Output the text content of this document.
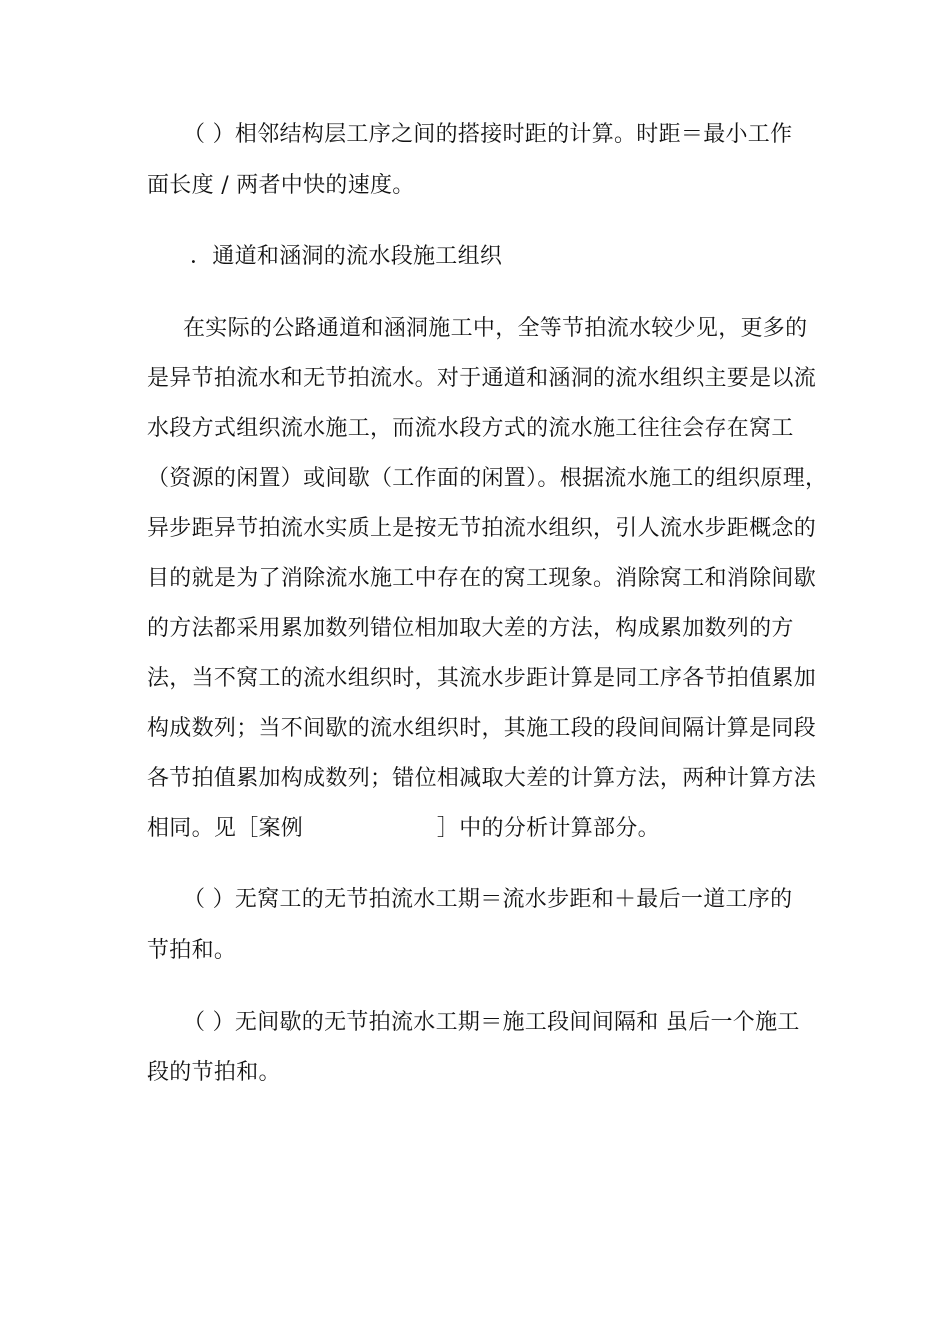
（ ）相邻结构层工序之间的搭接时距的计算。时距＝最小工作
面长度 / 两者中快的速度。
．通道和涵洞的流水段施工组织
在实际的公路通道和涵洞施工中，全等节拍流水较少见，更多的
是异节拍流水和无节拍流水。对于通道和涵洞的流水组织主要是以流
水段方式组织流水施工，而流水段方式的流水施工往往会存在窝工
（资源的闲置）或间歇（工作面的闲置）。根据流水施工的组织原理，
异步距异节拍流水实质上是按无节拍流水组织，引人流水步距概念的
目的就是为了消除流水施工中存在的窝工现象。消除窝工和消除间歇
的方法都采用累加数列错位相加取大差的方法，构成累加数列的方
法，当不窝工的流水组织时，其流水步距计算是同工序各节拍值累加
构成数列；当不间歇的流水组织时，其施工段的段间间隔计算是同段
各节拍值累加构成数列；错位相减取大差的计算方法，两种计算方法
相同。见［案例　　　　　　］中的分析计算部分。
（ ）无窝工的无节拍流水工期＝流水步距和＋最后一道工序的
节拍和。
（ ）无间歇的无节拍流水工期＝施工段间间隔和 虽后一个施工
段的节拍和。
